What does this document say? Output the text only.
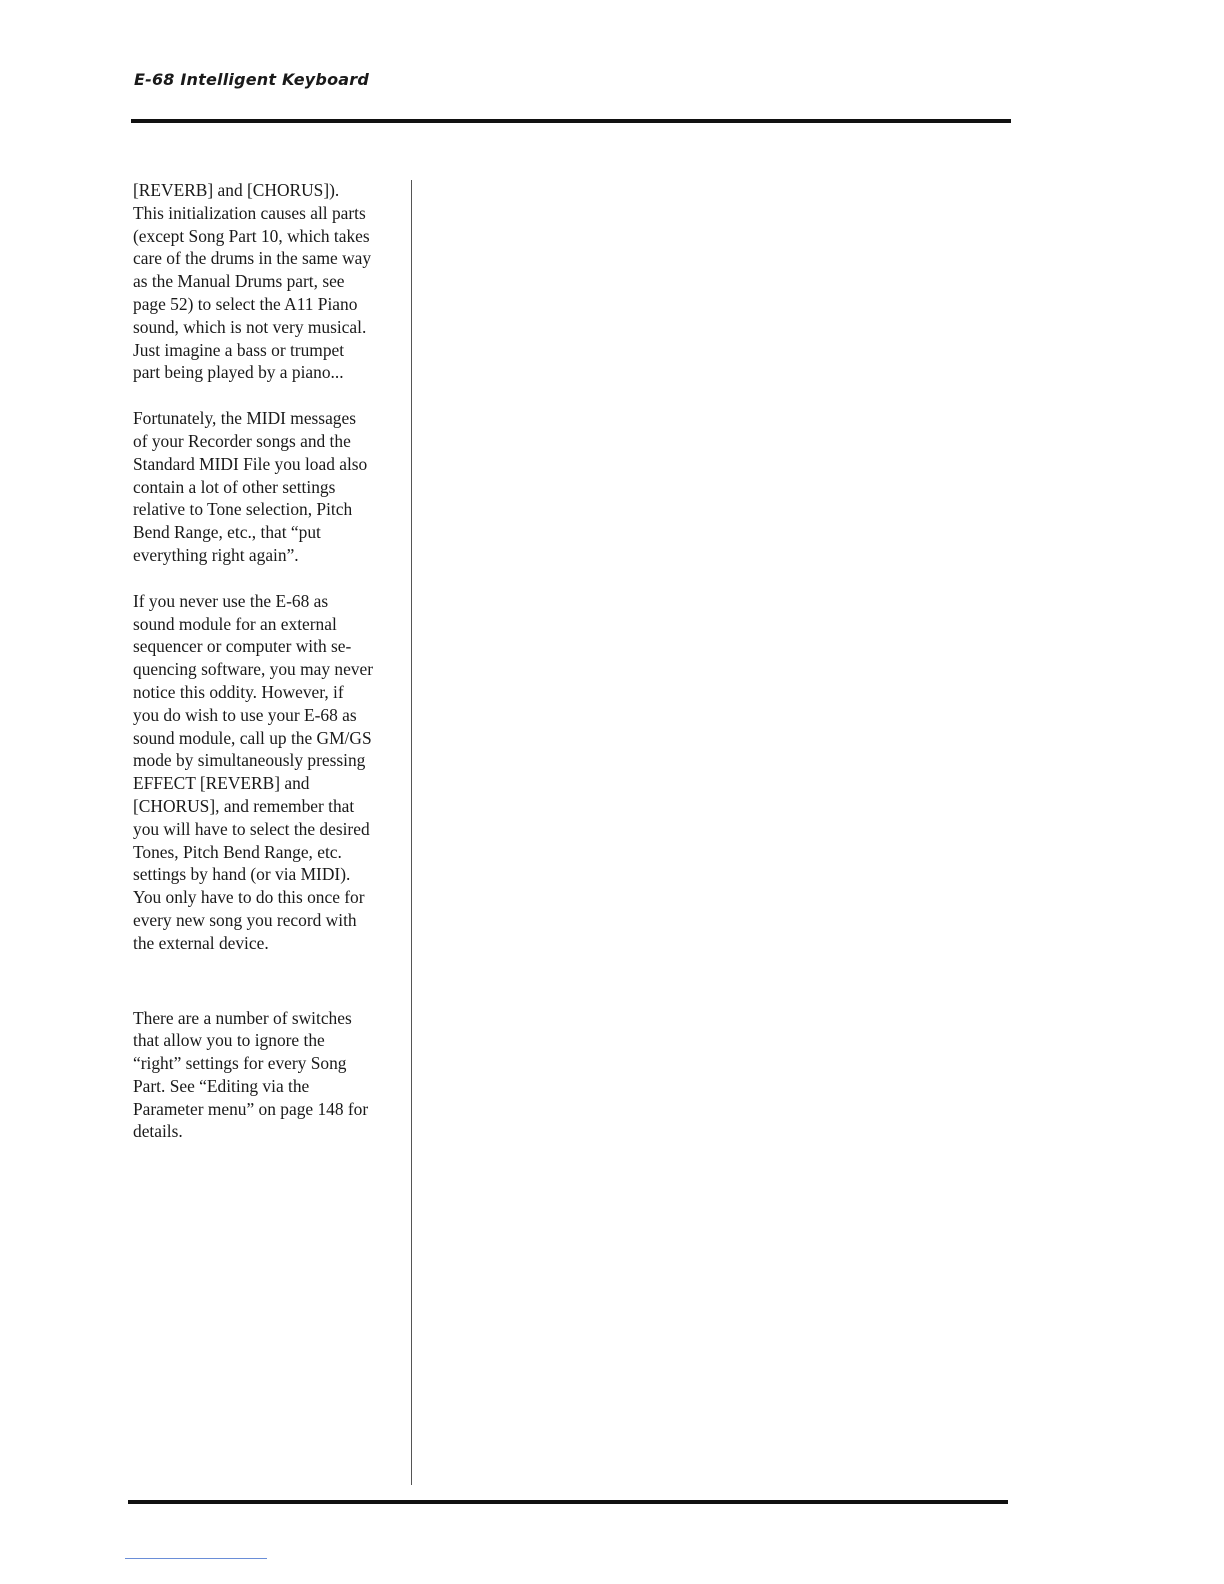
E-68 Intelligent Keyboard

[REVERB] and [CHORUS]).
This initialization causes all parts
(except Song Part 10, which takes
care of the drums in the same way
as the Manual Drums part, see
page 52) to select the A11 Piano
sound, which is not very musical.
Just imagine a bass or trumpet
part being played by a piano...

Fortunately, the MIDI messages
of your Recorder songs and the
Standard MIDI File you load also
contain a lot of other settings
relative to Tone selection, Pitch
Bend Range, etc., that “put
everything right again”.

If you never use the E-68 as
sound module for an external
sequencer or computer with se-
quencing software, you may never
notice this oddity. However, if
you do wish to use your E-68 as
sound module, call up the GM/GS
mode by simultaneously pressing
EFFECT [REVERB] and
[CHORUS], and remember that
you will have to select the desired
Tones, Pitch Bend Range, etc.
settings by hand (or via MIDI).
You only have to do this once for
every new song you record with
the external device.

There are a number of switches
that allow you to ignore the
“right” settings for every Song
Part. See “Editing via the
Parameter menu” on page 148 for
details.
